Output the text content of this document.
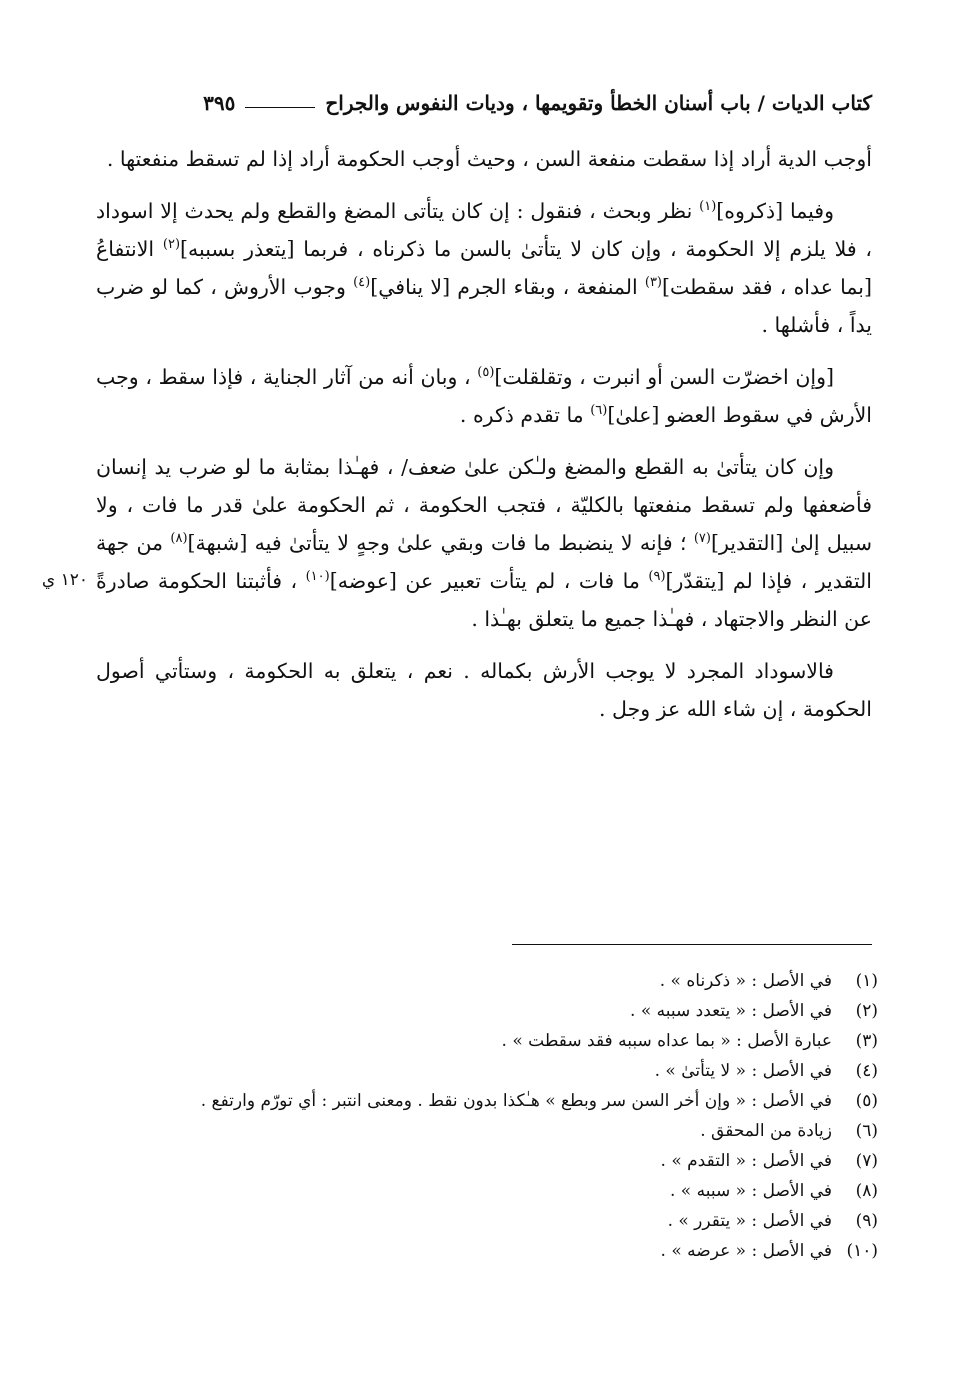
كتاب الديات / باب أسنان الخطأ وتقويمها ، وديات النفوس والجراح
٣٩٥

أوجب الدية أراد إذا سقطت منفعة السن ، وحيث أوجب الحكومة أراد إذا لم تسقط منفعتها .

وفيما [ذكروه]$^{(١)}$ نظر وبحث ، فنقول : إن كان يتأتى المضغ والقطع ولم يحدث إلا اسوداد ، فلا يلزم إلا الحكومة ، وإن كان لا يتأتىٰ بالسن ما ذكرناه ، فربما [يتعذر بسببه]$^{(٢)}$ الانتفاعُ [بما عداه ، فقد سقطت]$^{(٣)}$ المنفعة ، وبقاء الجرم [لا ينافي]$^{(٤)}$ وجوب الأروش ، كما لو ضرب يداً ، فأشلها .

[وإن اخضرّت السن أو انبرت ، وتقلقلت]$^{(٥)}$ ، وبان أنه من آثار الجناية ، فإذا سقط ، وجب الأرش في سقوط العضو [علىٰ]$^{(٦)}$ ما تقدم ذكره .

وإن كان يتأتىٰ به القطع والمضغ ولـٰكن علىٰ ضعف/ ، فهـٰذا بمثابة ما لو ضرب يد إنسان فأضعفها ولم تسقط منفعتها بالكليّة ، فتجب الحكومة ، ثم الحكومة علىٰ قدر ما فات ، ولا سبيل إلىٰ [التقدير]$^{(٧)}$ ؛ فإنه لا ينضبط ما فات وبقي علىٰ وجهٍ لا يتأتىٰ فيه [شبهة]$^{(٨)}$ من جهة التقدير ، فإذا لم [يتقدّر]$^{(٩)}$ ما فات ، لم يتأت تعبير عن [عوضه]$^{(١٠)}$ ، فأثبتنا الحكومة صادرةً عن النظر والاجتهاد ، فهـٰذا جميع ما يتعلق بهـٰذا .

فالاسوداد المجرد لا يوجب الأرش بكماله . نعم ، يتعلق به الحكومة ، وستأتي أصول الحكومة ، إن شاء الله عز وجل .

١٢٠ ي
(١)
في الأصل : « ذكرناه » .
(٢)
في الأصل : « يتعدد سببه » .
(٣)
عبارة الأصل : « بما عداه سببه فقد سقطت » .
(٤)
في الأصل : « لا يتأتىٰ » .
(٥)
في الأصل : « وإن أخر السن سر وبطع » هـٰكذا بدون نقط . ومعنى انتبر : أي تورّم وارتفع .
(٦)
زيادة من المحقق .
(٧)
في الأصل : « التقدم » .
(٨)
في الأصل : « سببه » .
(٩)
في الأصل : « يتقرر » .
(١٠)
في الأصل : « عرضه » .
